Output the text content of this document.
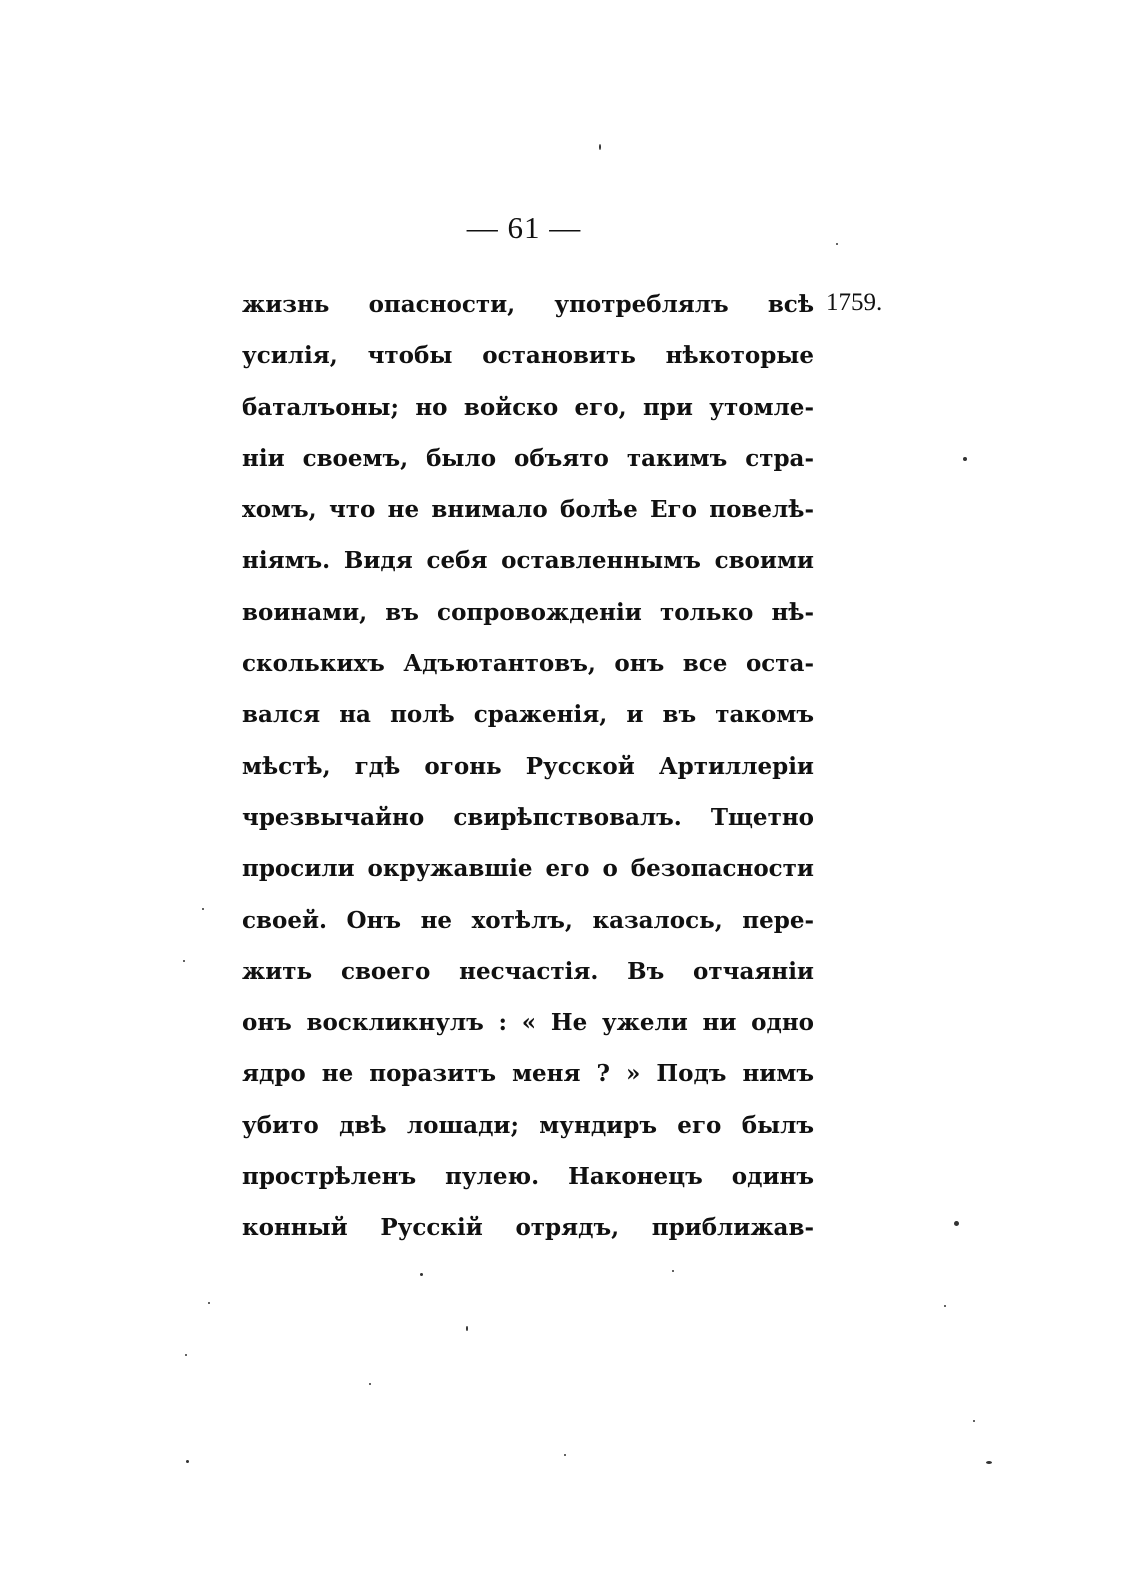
— 61 —
1759.
жизнь опасности, употреблялъ всѣ
усилія, чтобы остановить нѣкоторые
баталъоны; но войско его, при утомле-
ніи своемъ, было объято такимъ стра-
хомъ, что не внимало болѣе Его повелѣ-
ніямъ. Видя себя оставленнымъ своими
воинами, въ сопровожденіи только нѣ-
сколькихъ Адъютантовъ, онъ все оста-
вался на полѣ сраженія, и въ такомъ
мѣстѣ, гдѣ огонь Русской Артиллеріи
чрезвычайно свирѣпствовалъ. Тщетно
просили окружавшіе его о безопасности
своей. Онъ не хотѣлъ, казалось, пере-
жить своего несчастія. Въ отчаяніи
онъ воскликнулъ : « Не ужели ни одно
ядро не поразитъ меня ? » Подъ нимъ
убито двѣ лошади; мундиръ его былъ
прострѣленъ пулею. Наконецъ одинъ
конный Русскій отрядъ, приближав-
